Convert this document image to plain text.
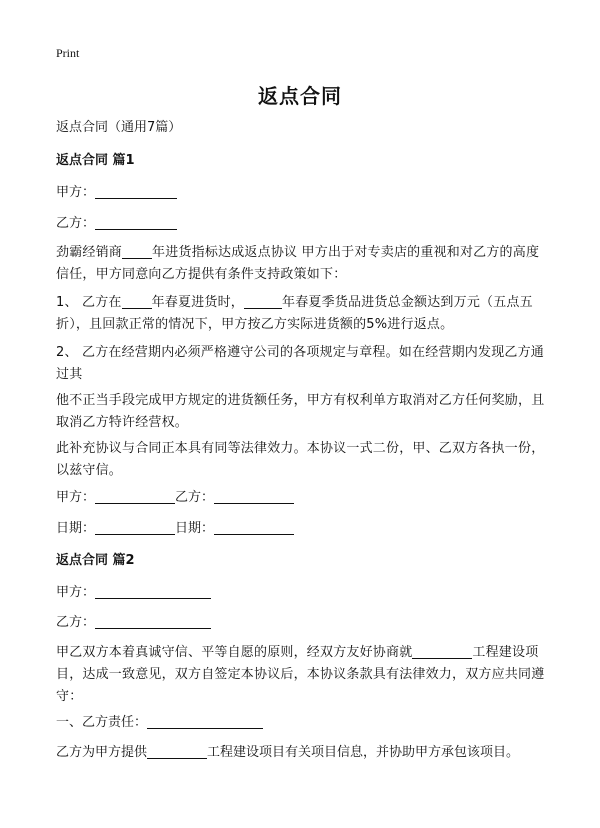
Print
返点合同
返点合同（通用7篇）
返点合同 篇1
甲方：
乙方：
劲霸经销商 年进货指标达成返点协议 甲方出于对专卖店的重视和对乙方的高度信任，甲方同意向乙方提供有条件支持政策如下：
1、 乙方在 年春夏进货时，	年春夏季货品进货总金额达到万元（五点五折），且回款正常的情况下，甲方按乙方实际进货额的5%进行返点。
2、 乙方在经营期内必须严格遵守公司的各项规定与章程。如在经营期内发现乙方通过其
他不正当手段完成甲方规定的进货额任务，甲方有权利单方取消对乙方任何奖励，且取消乙方特许经营权。
此补充协议与合同正本具有同等法律效力。本协议一式二份，甲、乙双方各执一份，以兹守信。
甲方：	乙方：
日期：	日期：
返点合同 篇2
甲方：
乙方：
甲乙双方本着真诚守信、平等自愿的原则，经双方友好协商就	工程建设项目，达成一致意见，双方自签定本协议后，本协议条款具有法律效力，双方应共同遵守：
一、乙方责任：
乙方为甲方提供	工程建设项目有关项目信息，并协助甲方承包该项目。
